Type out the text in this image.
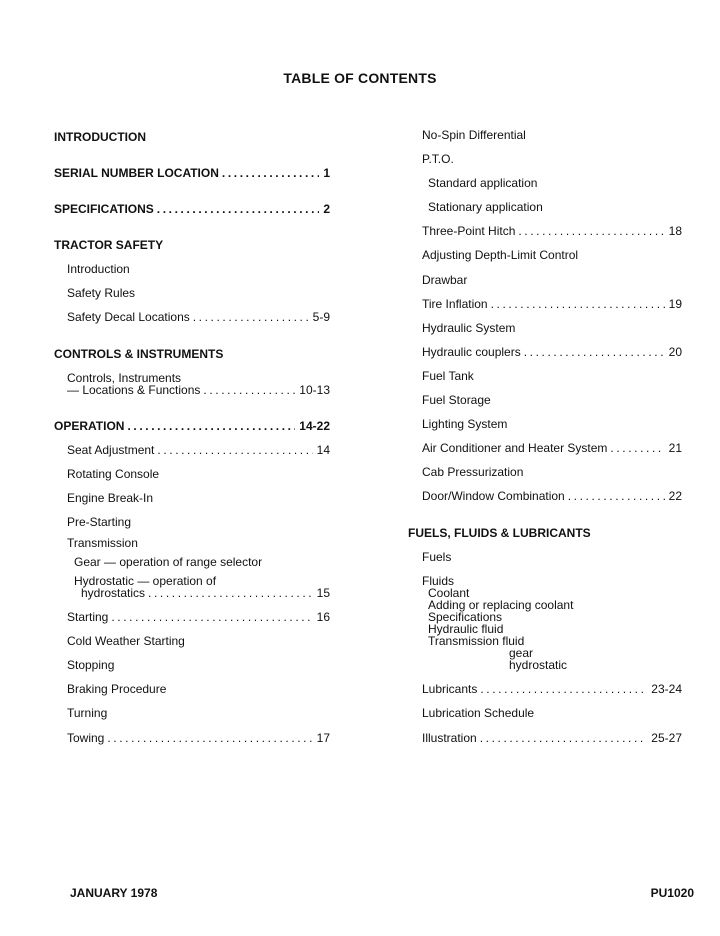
TABLE OF CONTENTS
INTRODUCTION
SERIAL NUMBER LOCATION .....	1
SPECIFICATIONS .....	2
TRACTOR SAFETY
Introduction
Safety Rules
Safety Decal Locations .....	5-9
CONTROLS & INSTRUMENTS
Controls, Instruments
— Locations & Functions .....	10-13
OPERATION .....	14-22
Seat Adjustment .....	14
Rotating Console
Engine Break-In
Pre-Starting
Transmission
Gear — operation of range selector
Hydrostatic — operation of
hydrostatics .....	15
Starting .....	16
Cold Weather Starting
Stopping
Braking Procedure
Turning
Towing .....	17
No-Spin Differential
P.T.O.
Standard application
Stationary application
Three-Point Hitch .....	18
Adjusting Depth-Limit Control
Drawbar
Tire Inflation .....	19
Hydraulic System
Hydraulic couplers .....	20
Fuel Tank
Fuel Storage
Lighting System
Air Conditioner and Heater System .....	21
Cab Pressurization
Door/Window Combination .....	22
FUELS, FLUIDS & LUBRICANTS
Fuels
Fluids
Coolant
Adding or replacing coolant
Specifications
Hydraulic fluid
Transmission fluid
gear
hydrostatic
Lubricants .....	23-24
Lubrication Schedule
Illustration .....	25-27
JANUARY 1978	PU1020
